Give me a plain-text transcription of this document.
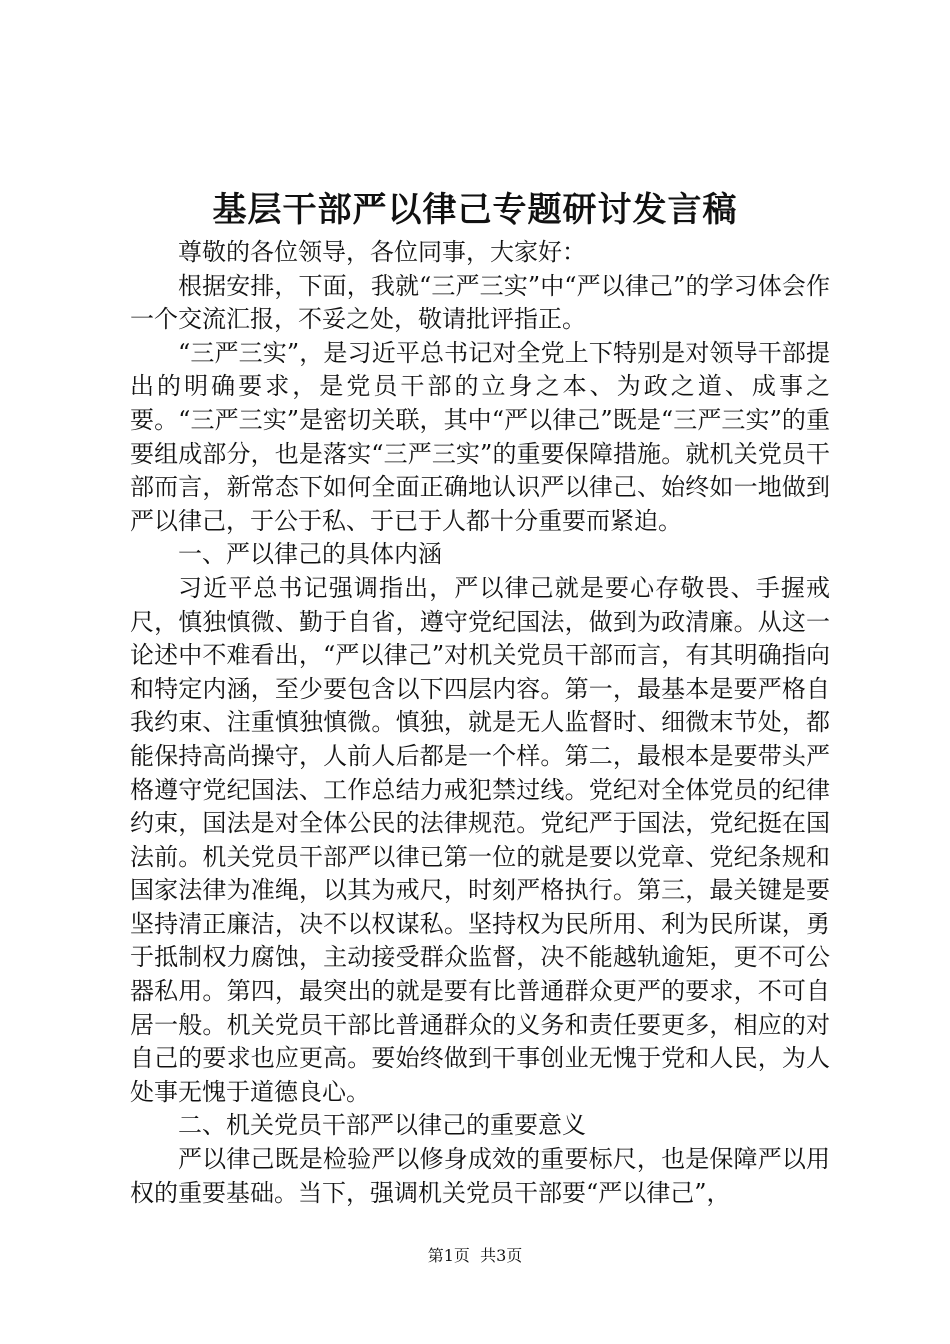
基层干部严以律己专题研讨发言稿

尊敬的各位领导，各位同事，大家好：

根据安排，下面，我就“三严三实”中“严以律己”的学习体会作一个交流汇报，不妥之处，敬请批评指正。

“三严三实”，是习近平总书记对全党上下特别是对领导干部提出的明确要求，是党员干部的立身之本、为政之道、成事之要。“三严三实”是密切关联，其中“严以律己”既是“三严三实”的重要组成部分，也是落实“三严三实”的重要保障措施。就机关党员干部而言，新常态下如何全面正确地认识严以律己、始终如一地做到严以律己，于公于私、于已于人都十分重要而紧迫。

一、严以律己的具体内涵

习近平总书记强调指出，严以律己就是要心存敬畏、手握戒尺，慎独慎微、勤于自省，遵守党纪国法，做到为政清廉。从这一论述中不难看出，“严以律己”对机关党员干部而言，有其明确指向和特定内涵，至少要包含以下四层内容。第一，最基本是要严格自我约束、注重慎独慎微。慎独，就是无人监督时、细微末节处，都能保持高尚操守，人前人后都是一个样。第二，最根本是要带头严格遵守党纪国法、工作总结力戒犯禁过线。党纪对全体党员的纪律约束，国法是对全体公民的法律规范。党纪严于国法，党纪挺在国法前。机关党员干部严以律已第一位的就是要以党章、党纪条规和国家法律为准绳，以其为戒尺，时刻严格执行。第三，最关键是要坚持清正廉洁，决不以权谋私。坚持权为民所用、利为民所谋，勇于抵制权力腐蚀，主动接受群众监督，决不能越轨逾矩，更不可公器私用。第四，最突出的就是要有比普通群众更严的要求，不可自居一般。机关党员干部比普通群众的义务和责任要更多，相应的对自己的要求也应更高。要始终做到干事创业无愧于党和人民，为人处事无愧于道德良心。

二、机关党员干部严以律己的重要意义

严以律己既是检验严以修身成效的重要标尺，也是保障严以用权的重要基础。当下，强调机关党员干部要“严以律己”，

第1页  共3页
